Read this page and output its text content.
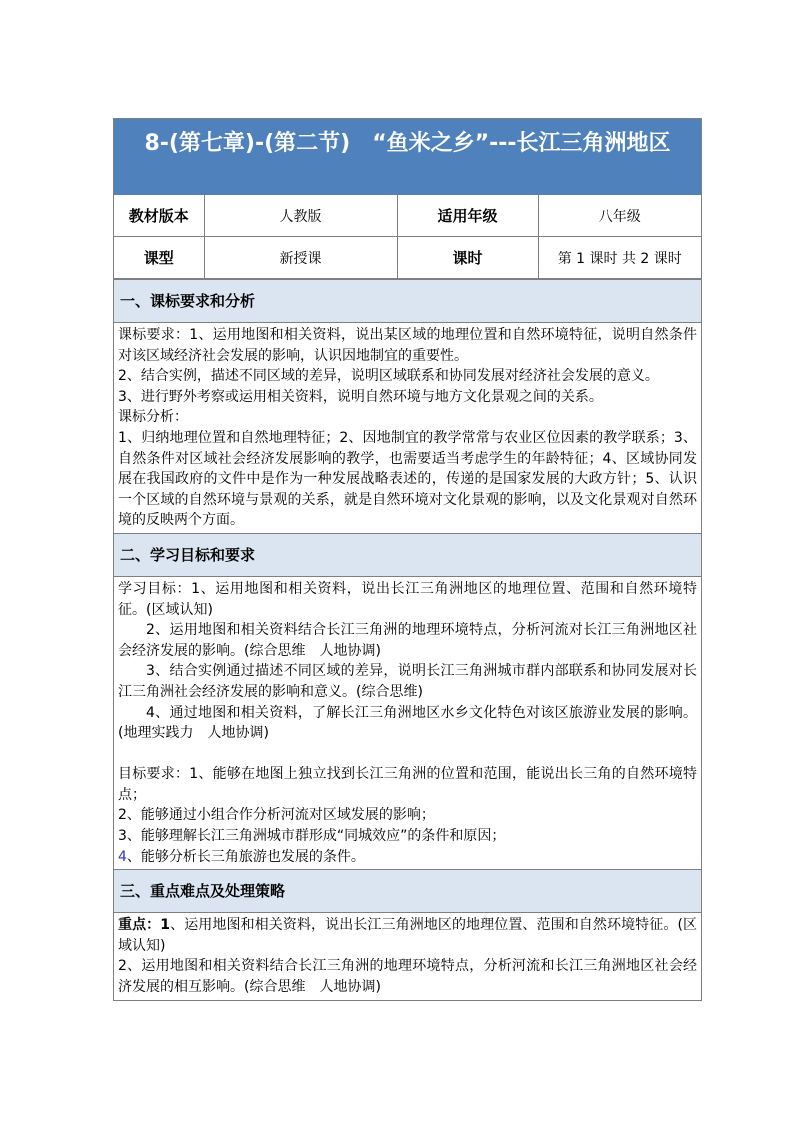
8-(第七章)-(第二节)　“鱼米之乡”---长江三角洲地区
教材版本	人教版	适用年级	八年级
课型	新授课	课时	第 1 课时 共 2 课时
一、课标要求和分析

课标要求：1、运用地图和相关资料，说出某区域的地理位置和自然环境特征，说明自然条件对该区域经济社会发展的影响，认识因地制宜的重要性。

2、结合实例，描述不同区域的差异，说明区域联系和协同发展对经济社会发展的意义。

3、进行野外考察或运用相关资料，说明自然环境与地方文化景观之间的关系。

课标分析：

1、归纳地理位置和自然地理特征；2、因地制宜的教学常常与农业区位因素的教学联系；3、自然条件对区域社会经济发展影响的教学，也需要适当考虑学生的年龄特征；4、区域协同发展在我国政府的文件中是作为一种发展战略表述的，传递的是国家发展的大政方针；5、认识一个区域的自然环境与景观的关系，就是自然环境对文化景观的影响，以及文化景观对自然环境的反映两个方面。

二、学习目标和要求

学习目标：1、运用地图和相关资料，说出长江三角洲地区的地理位置、范围和自然环境特征。(区域认知)

2、运用地图和相关资料结合长江三角洲的地理环境特点，分析河流对长江三角洲地区社会经济发展的影响。(综合思维　人地协调)

3、结合实例通过描述不同区域的差异，说明长江三角洲城市群内部联系和协同发展对长江三角洲社会经济发展的影响和意义。(综合思维)

4、通过地图和相关资料，了解长江三角洲地区水乡文化特色对该区旅游业发展的影响。(地理实践力　人地协调)

目标要求：1、能够在地图上独立找到长江三角洲的位置和范围，能说出长三角的自然环境特点；

2、能够通过小组合作分析河流对区域发展的影响；

3、能够理解长江三角洲城市群形成“同城效应”的条件和原因；

4、能够分析长三角旅游也发展的条件。

三、重点难点及处理策略

重点：1、运用地图和相关资料，说出长江三角洲地区的地理位置、范围和自然环境特征。(区域认知)

2、运用地图和相关资料结合长江三角洲的地理环境特点，分析河流和长江三角洲地区社会经济发展的相互影响。(综合思维　人地协调)
